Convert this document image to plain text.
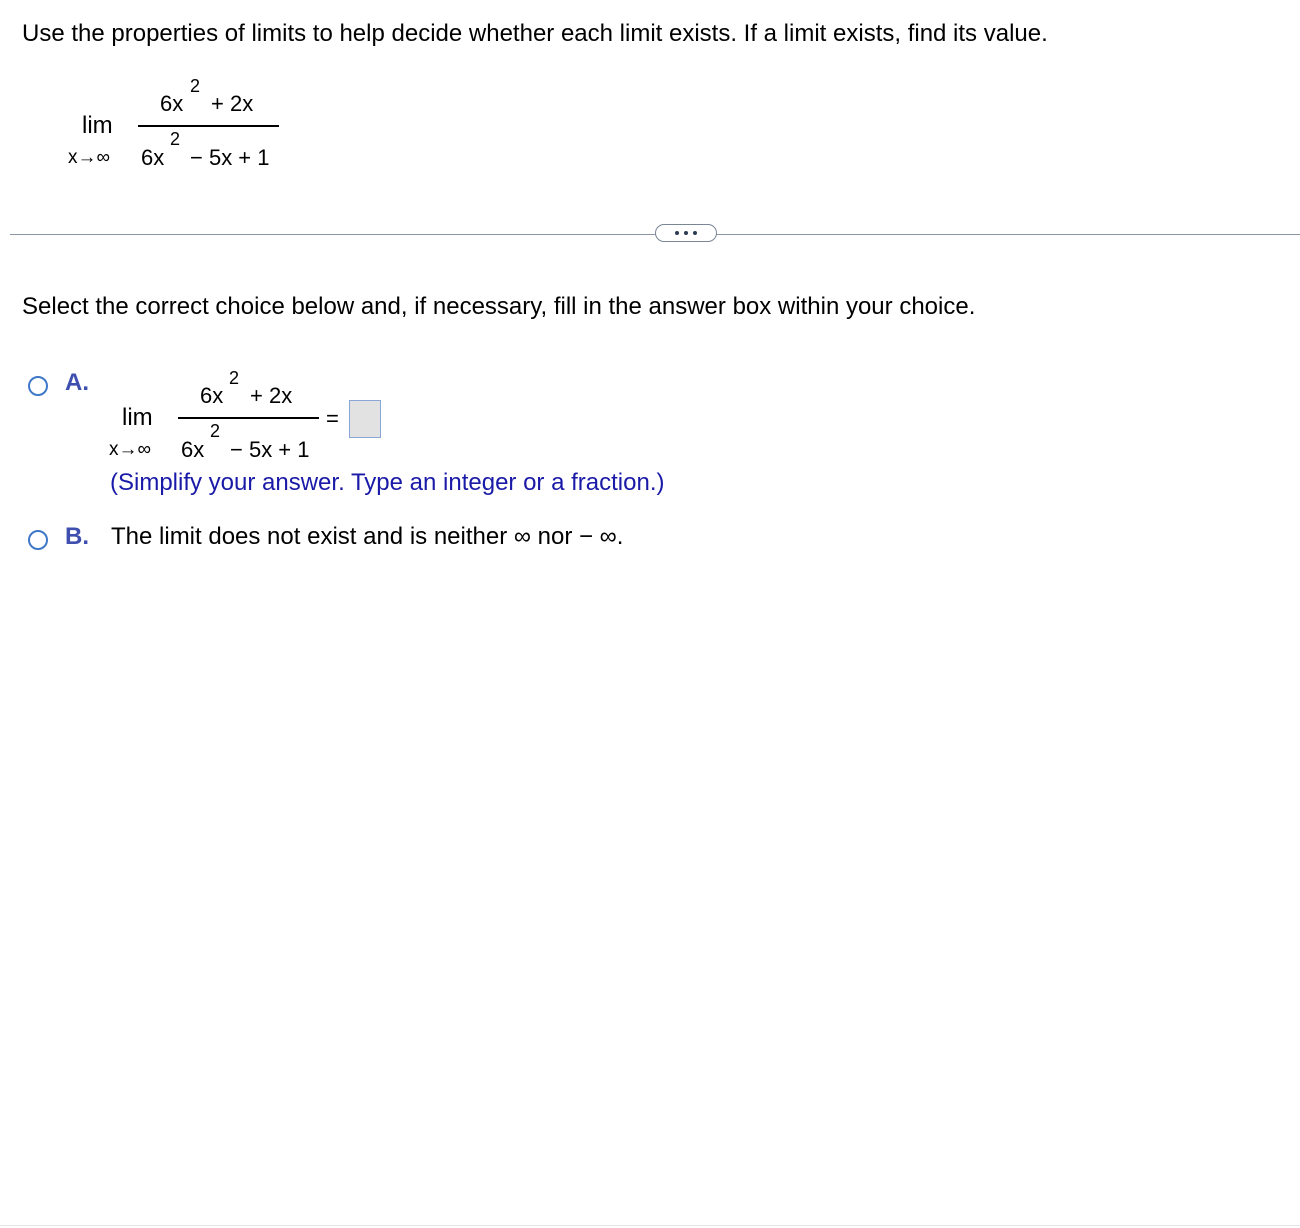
Use the properties of limits to help decide whether each limit exists. If a limit exists, find its value.
lim
x→∞
6x
2
+ 2x
6x
2
− 5x + 1
Select the correct choice below and, if necessary, fill in the answer box within your choice.
A.
lim
x→∞
6x
2
+ 2x
6x
2
− 5x + 1
=
(Simplify your answer. Type an integer or a fraction.)
B. The limit does not exist and is neither ∞ nor − ∞.
